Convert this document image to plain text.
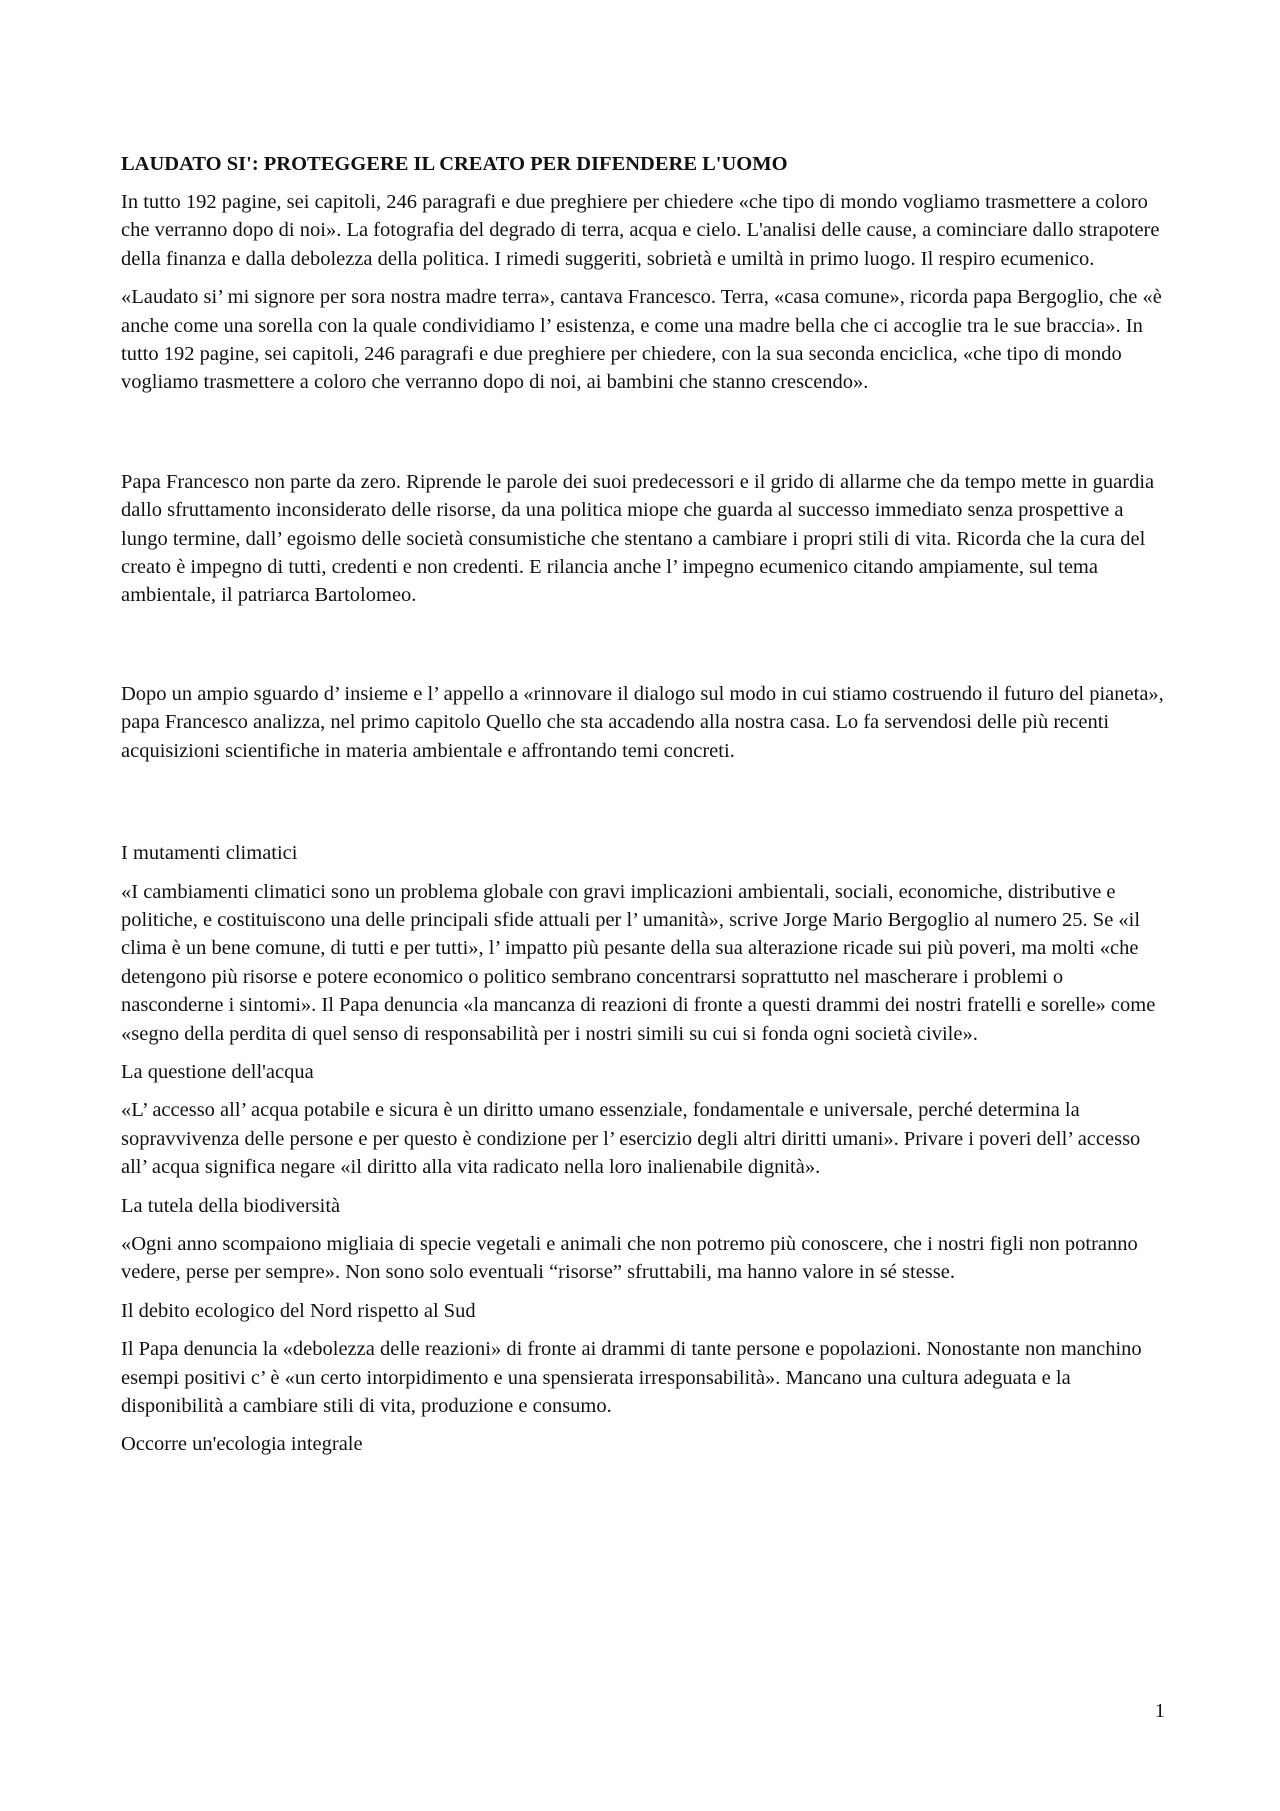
LAUDATO SI': PROTEGGERE IL CREATO PER DIFENDERE L'UOMO

In tutto 192 pagine, sei capitoli, 246 paragrafi e due preghiere per chiedere «che tipo di mondo vogliamo trasmettere a coloro che verranno dopo di noi». La fotografia del degrado di terra, acqua e cielo. L'analisi delle cause, a cominciare dallo strapotere della finanza e dalla debolezza della politica. I rimedi suggeriti, sobrietà e umiltà in primo luogo. Il respiro ecumenico.

«Laudato si’ mi signore per sora nostra madre terra», cantava Francesco. Terra, «casa comune», ricorda papa Bergoglio, che «è anche come una sorella con la quale condividiamo l’ esistenza, e come una madre bella che ci accoglie tra le sue braccia». In tutto 192 pagine, sei capitoli, 246 paragrafi e due preghiere per chiedere, con la sua seconda enciclica, «che tipo di mondo vogliamo trasmettere a coloro che verranno dopo di noi, ai bambini che stanno crescendo».

Papa Francesco non parte da zero. Riprende le parole dei suoi predecessori e il grido di allarme che da tempo mette in guardia dallo sfruttamento inconsiderato delle risorse, da una politica miope che guarda al successo immediato senza prospettive a lungo termine, dall’ egoismo delle società consumistiche che stentano a cambiare i propri stili di vita. Ricorda che la cura del creato è impegno di tutti, credenti e non credenti. E rilancia anche l’ impegno ecumenico citando ampiamente, sul tema ambientale, il patriarca Bartolomeo.

Dopo un ampio sguardo d’ insieme e l’ appello a «rinnovare il dialogo sul modo in cui stiamo costruendo il futuro del pianeta», papa Francesco analizza, nel primo capitolo Quello che sta accadendo alla nostra casa. Lo fa servendosi delle più recenti acquisizioni scientifiche in materia ambientale e affrontando temi concreti.

I mutamenti climatici

«I cambiamenti climatici sono un problema globale con gravi implicazioni ambientali, sociali, economiche, distributive e politiche, e costituiscono una delle principali sfide attuali per l’ umanità», scrive Jorge Mario Bergoglio al numero 25. Se «il clima è un bene comune, di tutti e per tutti», l’ impatto più pesante della sua alterazione ricade sui più poveri, ma molti «che detengono più risorse e potere economico o politico sembrano concentrarsi soprattutto nel mascherare i problemi o nasconderne i sintomi». Il Papa denuncia «la mancanza di reazioni di fronte a questi drammi dei nostri fratelli e sorelle» come «segno della perdita di quel senso di responsabilità per i nostri simili su cui si fonda ogni società civile».

La questione dell'acqua

«L’ accesso all’ acqua potabile e sicura è un diritto umano essenziale, fondamentale e universale, perché determina la sopravvivenza delle persone e per questo è condizione per l’ esercizio degli altri diritti umani». Privare i poveri dell’ accesso all’ acqua significa negare «il diritto alla vita radicato nella loro inalienabile dignità».

La tutela della biodiversità

«Ogni anno scompaiono migliaia di specie vegetali e animali che non potremo più conoscere, che i nostri figli non potranno vedere, perse per sempre». Non sono solo eventuali “risorse” sfruttabili, ma hanno valore in sé stesse.

Il debito ecologico del Nord rispetto al Sud

Il Papa denuncia la «debolezza delle reazioni» di fronte ai drammi di tante persone e popolazioni. Nonostante non manchino esempi positivi c’ è «un certo intorpidimento e una spensierata irresponsabilità». Mancano una cultura adeguata e la disponibilità a cambiare stili di vita, produzione e consumo.

Occorre un'ecologia integrale
1
